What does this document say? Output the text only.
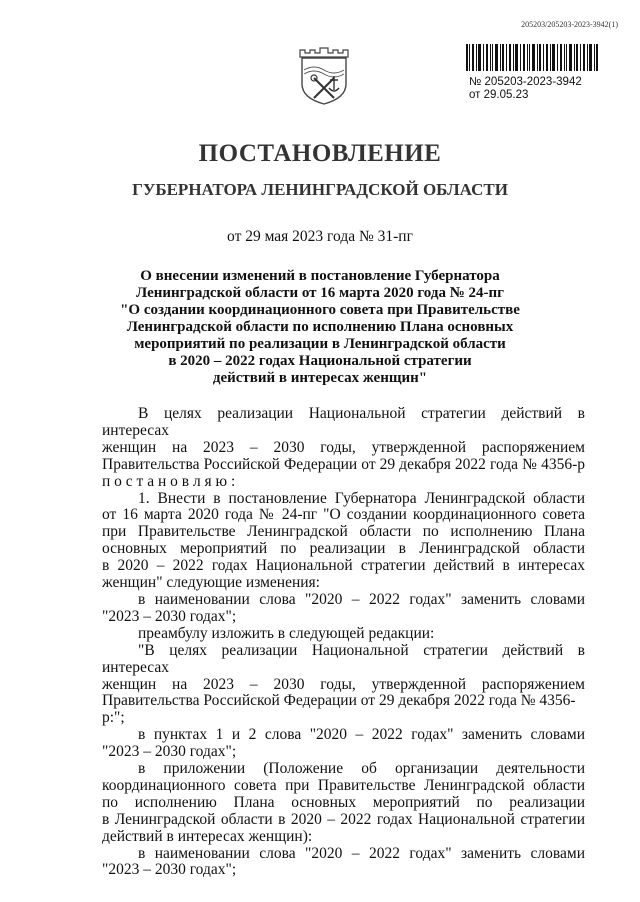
205203/205203-2023-3942(1)
№ 205203-2023-3942
от 29.05.23
ПОСТАНОВЛЕНИЕ
ГУБЕРНАТОРА ЛЕНИНГРАДСКОЙ ОБЛАСТИ
от 29 мая 2023 года № 31-пг
О внесении изменений в постановление Губернатора
Ленинградской области от 16 марта 2020 года № 24-пг
"О создании координационного совета при Правительстве
Ленинградской области по исполнению Плана основных
мероприятий по реализации в Ленинградской области
в 2020 – 2022 годах Национальной стратегии
действий в интересах женщин"
В целях реализации Национальной стратегии действий в интересах
женщин на 2023 – 2030 годы, утвержденной распоряжением
Правительства Российской Федерации от 29 декабря 2022 года № 4356-р
п о с т а н о в л я ю :
1. Внести в постановление Губернатора Ленинградской области
от 16 марта 2020 года № 24-пг "О создании координационного совета
при Правительстве Ленинградской области по исполнению Плана
основных мероприятий по реализации в Ленинградской области
в 2020 – 2022 годах Национальной стратегии действий в интересах
женщин" следующие изменения:
в наименовании слова "2020 – 2022 годах" заменить словами
"2023 – 2030 годах";
преамбулу изложить в следующей редакции:
"В целях реализации Национальной стратегии действий в интересах
женщин на 2023 – 2030 годы, утвержденной распоряжением
Правительства Российской Федерации от 29 декабря 2022 года № 4356-р:";
в пунктах 1 и 2 слова "2020 – 2022 годах" заменить словами
"2023 – 2030 годах";
в приложении (Положение об организации деятельности
координационного совета при Правительстве Ленинградской области
по исполнению Плана основных мероприятий по реализации
в Ленинградской области в 2020 – 2022 годах Национальной стратегии
действий в интересах женщин):
в наименовании слова "2020 – 2022 годах" заменить словами
"2023 – 2030 годах";
